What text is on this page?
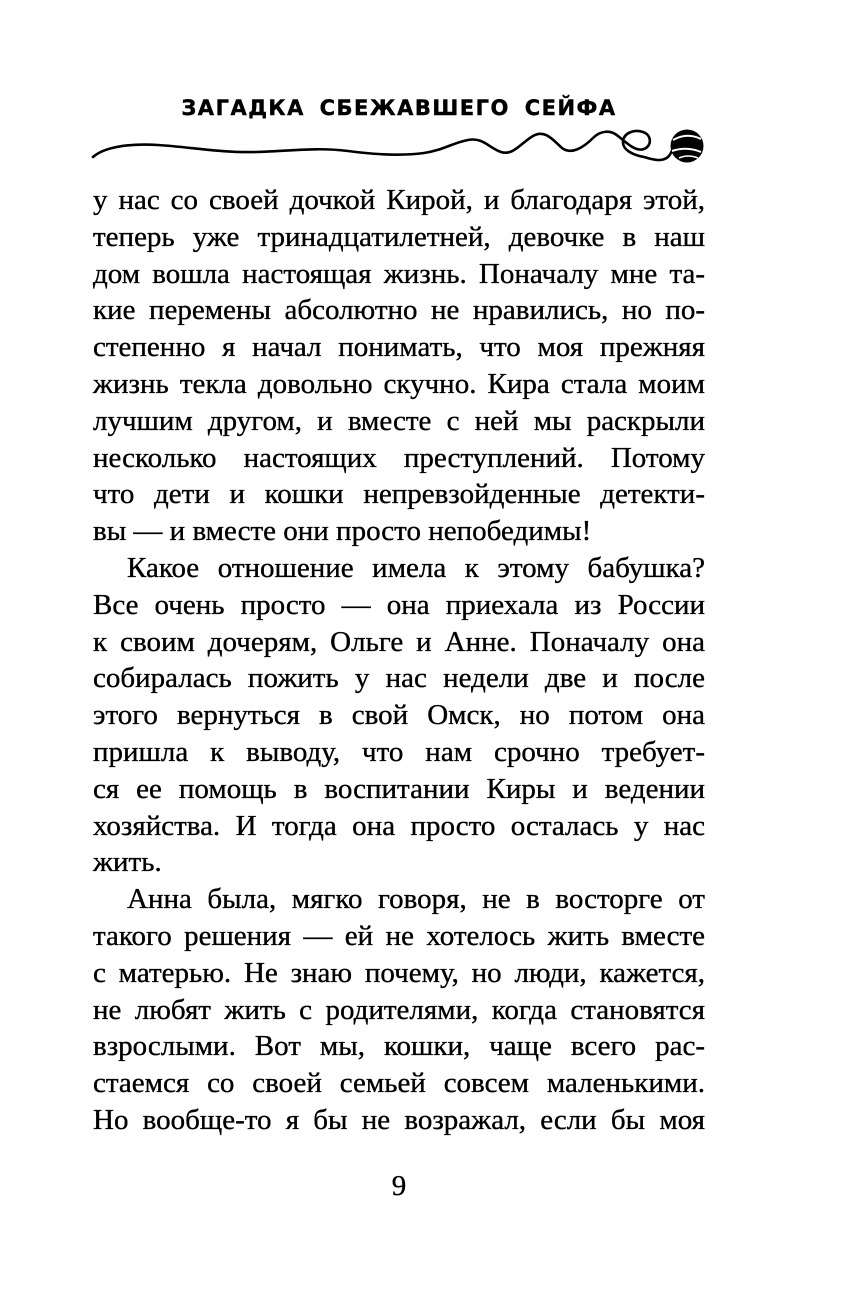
ЗАГАДКА СБЕЖАВШЕГО СЕЙФА
у нас со своей дочкой Кирой, и благодаря этой,
теперь уже тринадцатилетней, девочке в наш
дом вошла настоящая жизнь. Поначалу мне та-
кие перемены абсолютно не нравились, но по-
степенно я начал понимать, что моя прежняя
жизнь текла довольно скучно. Кира стала моим
лучшим другом, и вместе с ней мы раскрыли
несколько настоящих преступлений. Потому
что дети и кошки непревзойденные детекти-
вы — и вместе они просто непобедимы!
Какое отношение имела к этому бабушка?
Все очень просто — она приехала из России
к своим дочерям, Ольге и Анне. Поначалу она
собиралась пожить у нас недели две и после
этого вернуться в свой Омск, но потом она
пришла к выводу, что нам срочно требует-
ся ее помощь в воспитании Киры и ведении
хозяйства. И тогда она просто осталась у нас
жить.
Анна была, мягко говоря, не в восторге от
такого решения — ей не хотелось жить вместе
с матерью. Не знаю почему, но люди, кажется,
не любят жить с родителями, когда становятся
взрослыми. Вот мы, кошки, чаще всего рас-
стаемся со своей семьей совсем маленькими.
Но вообще-то я бы не возражал, если бы моя
9
